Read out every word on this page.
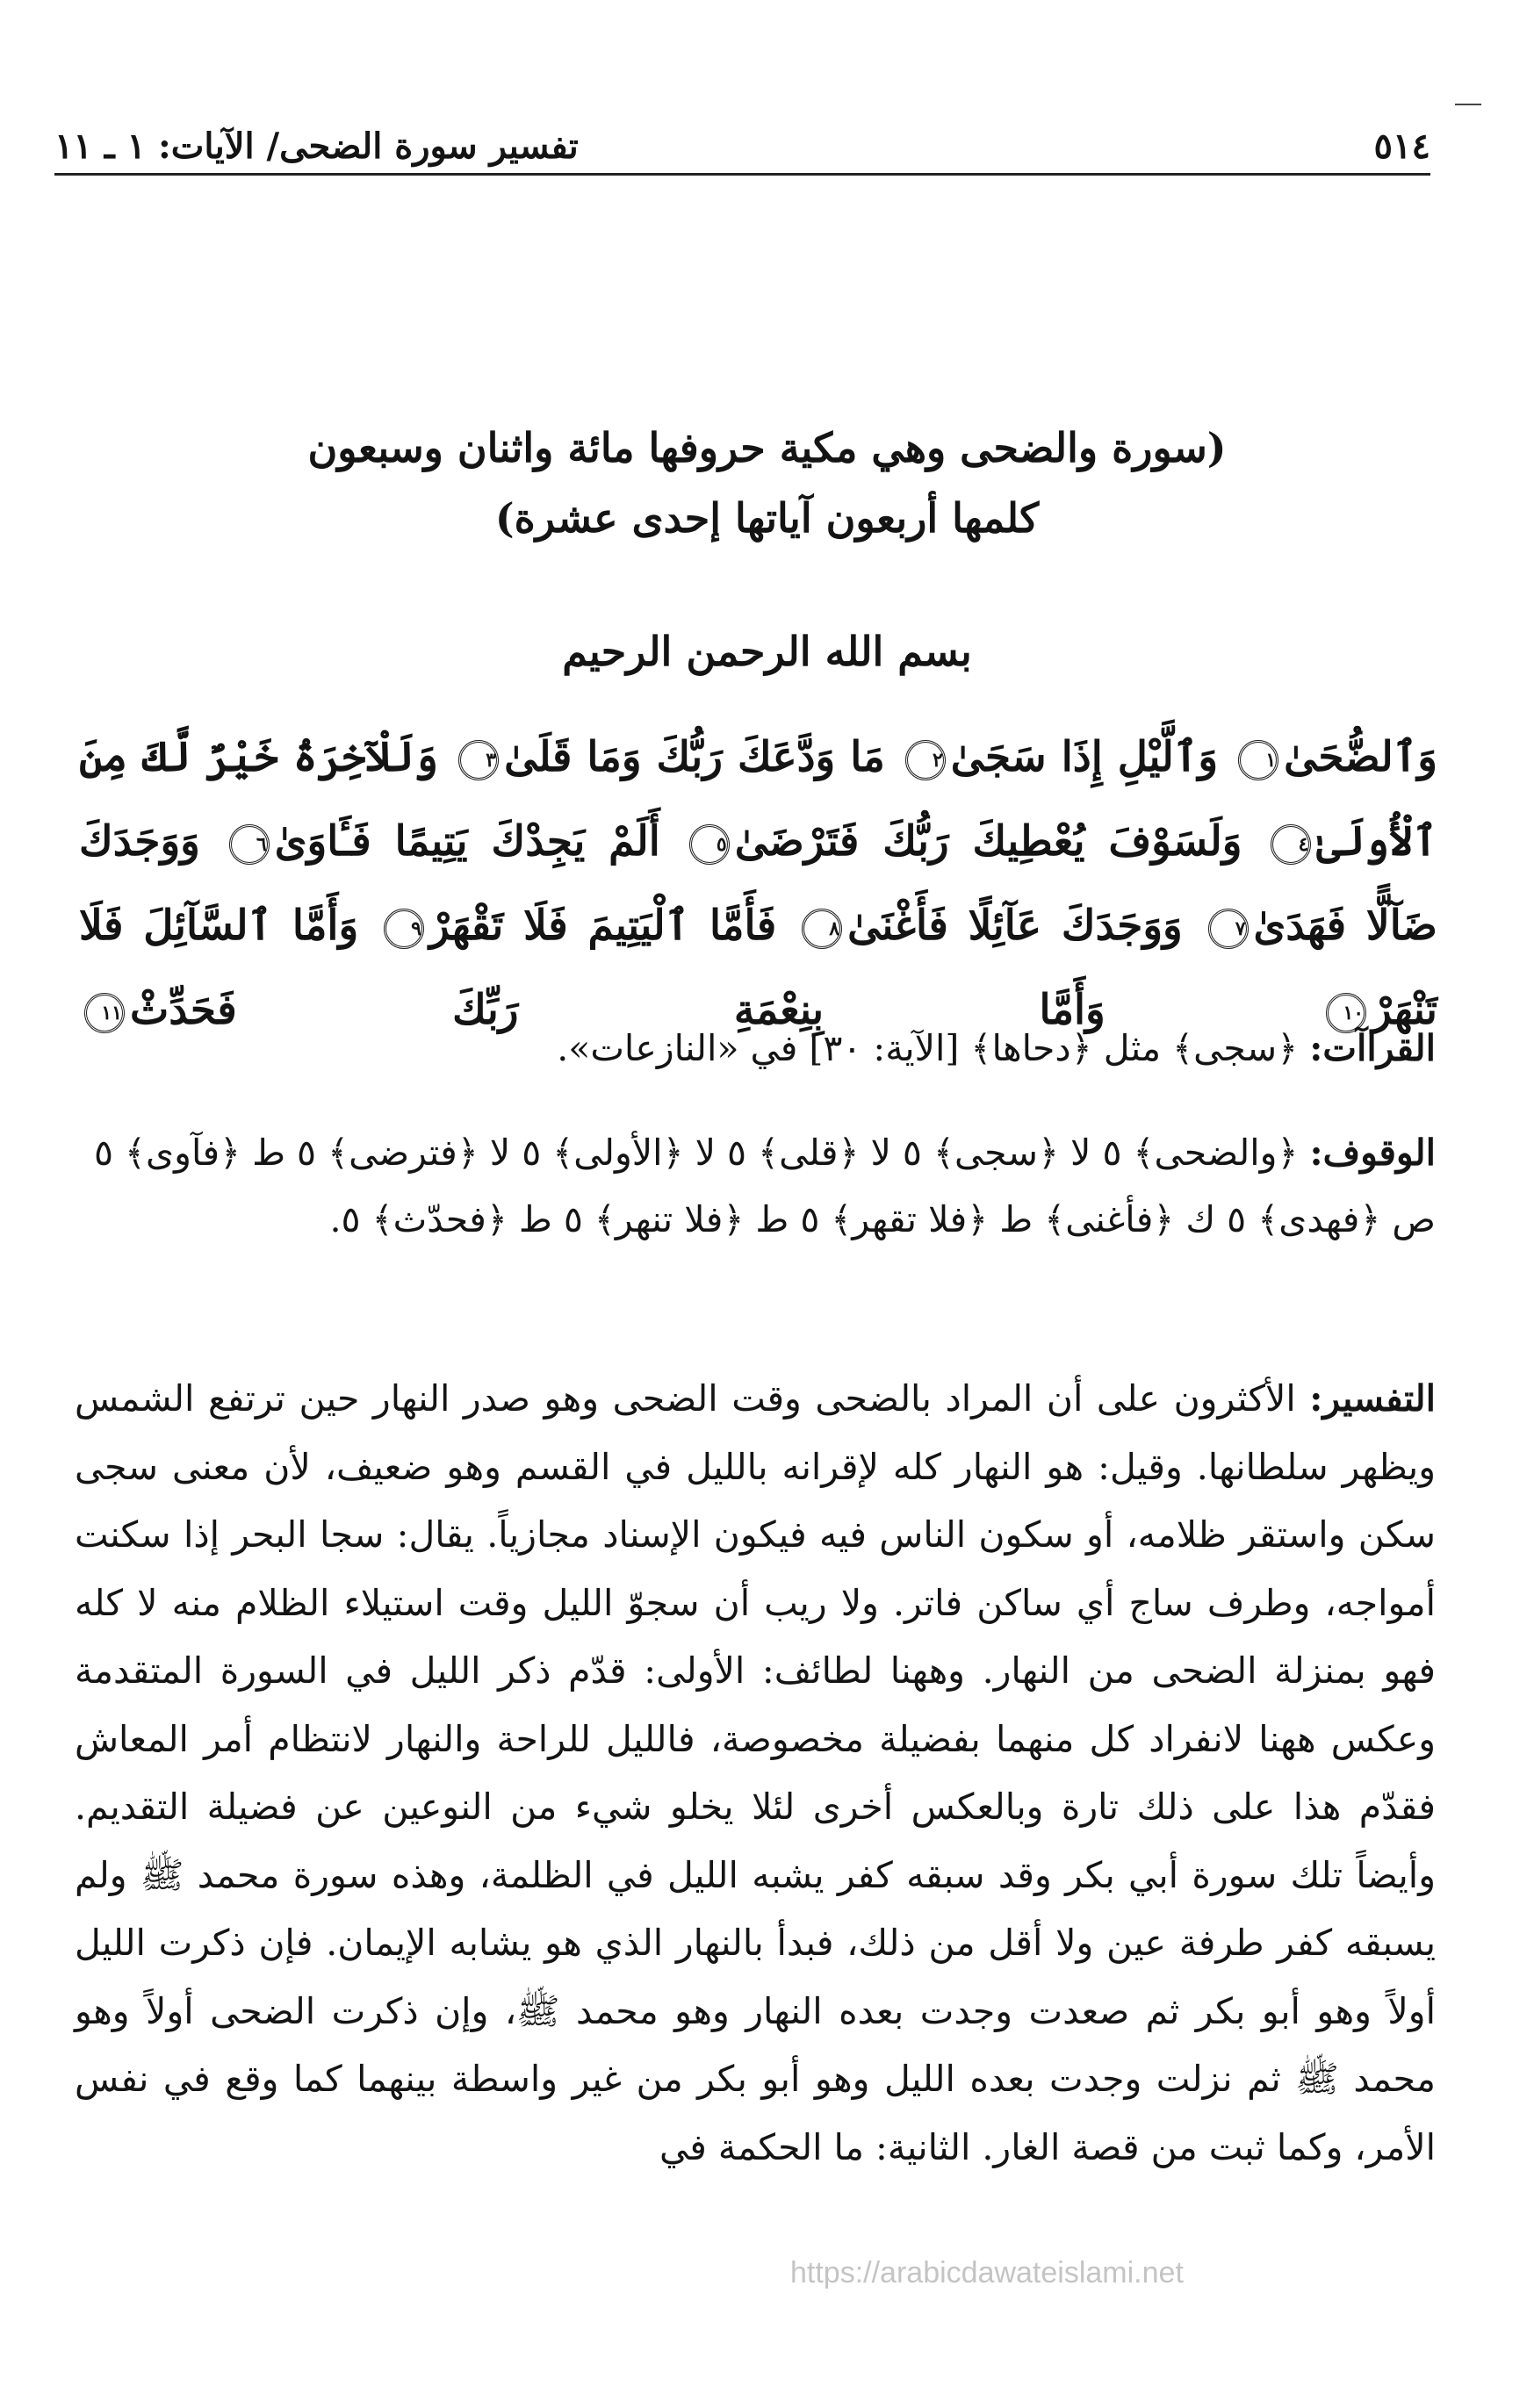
٥١٤
تفسير سورة الضحى/ الآيات: ١ ـ ١١
(سورة والضحى وهي مكية حروفها مائة واثنان وسبعون
كلمها أربعون آياتها إحدى عشرة)
بسم الله الرحمن الرحيم
وَٱلضُّحَىٰ١ وَٱلَّيْلِ إِذَا سَجَىٰ٢ مَا وَدَّعَكَ رَبُّكَ وَمَا قَلَىٰ٣ وَلَلْآخِرَةُ خَيْرٌ لَّكَ مِنَ ٱلْأُولَىٰ٤ وَلَسَوْفَ يُعْطِيكَ رَبُّكَ فَتَرْضَىٰ٥ أَلَمْ يَجِدْكَ يَتِيمًا فَـَٔاوَىٰ٦ وَوَجَدَكَ ضَآلًّا فَهَدَىٰ٧ وَوَجَدَكَ عَآئِلًا فَأَغْنَىٰ٨ فَأَمَّا ٱلْيَتِيمَ فَلَا تَقْهَرْ٩ وَأَمَّا ٱلسَّآئِلَ فَلَا تَنْهَرْ١٠ وَأَمَّا بِنِعْمَةِ رَبِّكَ فَحَدِّثْ١١
القراآت: ﴿سجى﴾ مثل ﴿دحاها﴾ [الآية: ٣٠] في «النازعات».
الوقوف: ﴿والضحى﴾ ٥ لا ﴿سجى﴾ ٥ لا ﴿قلى﴾ ٥ لا ﴿الأولى﴾ ٥ لا ﴿فترضى﴾ ٥ ط ﴿فآوى﴾ ٥ ص ﴿فهدى﴾ ٥ ك ﴿فأغنى﴾ ط ﴿فلا تقهر﴾ ٥ ط ﴿فلا تنهر﴾ ٥ ط ﴿فحدّث﴾ ٥.
التفسير: الأكثرون على أن المراد بالضحى وقت الضحى وهو صدر النهار حين ترتفع الشمس ويظهر سلطانها. وقيل: هو النهار كله لإقرانه بالليل في القسم وهو ضعيف، لأن معنى سجى سكن واستقر ظلامه، أو سكون الناس فيه فيكون الإسناد مجازياً. يقال: سجا البحر إذا سكنت أمواجه، وطرف ساج أي ساكن فاتر. ولا ريب أن سجوّ الليل وقت استيلاء الظلام منه لا كله فهو بمنزلة الضحى من النهار. وههنا لطائف: الأولى: قدّم ذكر الليل في السورة المتقدمة وعكس ههنا لانفراد كل منهما بفضيلة مخصوصة، فالليل للراحة والنهار لانتظام أمر المعاش فقدّم هذا على ذلك تارة وبالعكس أخرى لئلا يخلو شيء من النوعين عن فضيلة التقديم. وأيضاً تلك سورة أبي بكر وقد سبقه كفر يشبه الليل في الظلمة، وهذه سورة محمد ﷺ ولم يسبقه كفر طرفة عين ولا أقل من ذلك، فبدأ بالنهار الذي هو يشابه الإيمان. فإن ذكرت الليل أولاً وهو أبو بكر ثم صعدت وجدت بعده النهار وهو محمد ﷺ، وإن ذكرت الضحى أولاً وهو محمد ﷺ ثم نزلت وجدت بعده الليل وهو أبو بكر من غير واسطة بينهما كما وقع في نفس الأمر، وكما ثبت من قصة الغار. الثانية: ما الحكمة في
https://arabicdawateislami.net
